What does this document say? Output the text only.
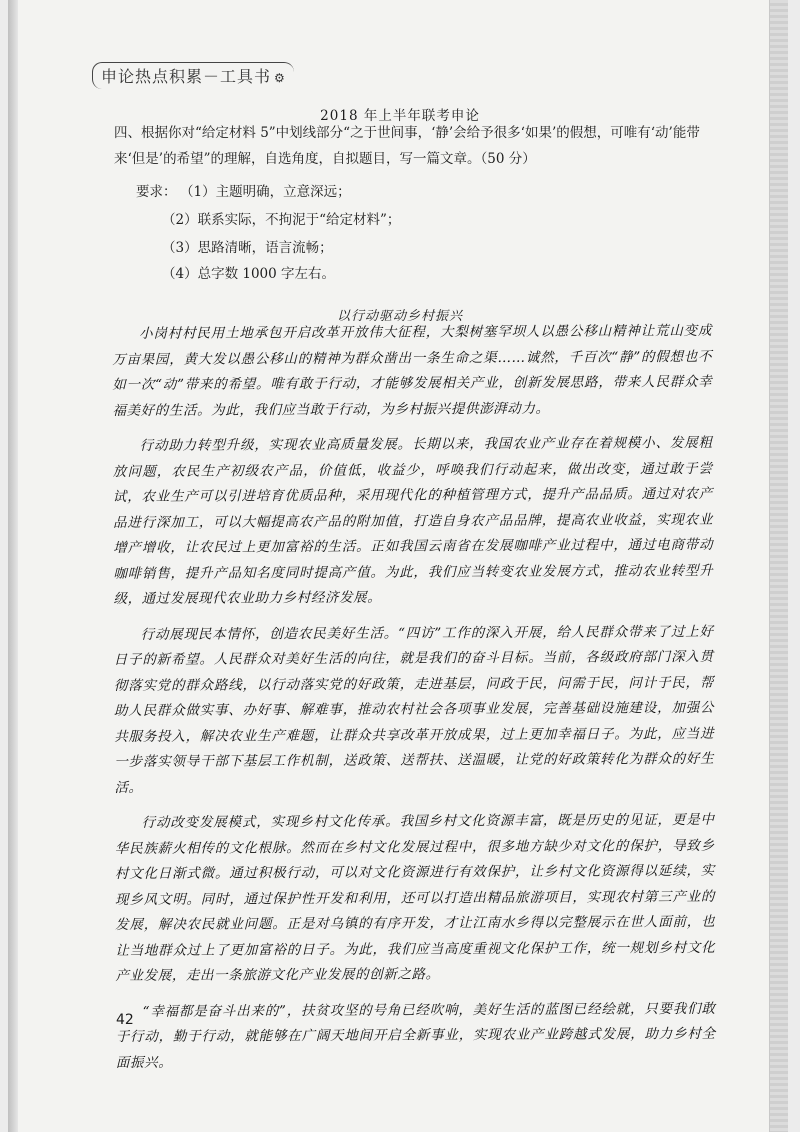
申论热点积累－工具书 ⚙
2018 年上半年联考申论
四、根据你对“给定材料 5”中划线部分“之于世间事，‘静’会给予很多‘如果’的假想，可唯有‘动’能带来‘但是’的希望”的理解，自选角度，自拟题目，写一篇文章。（50 分）
要求： （1）主题明确，立意深远；
（2）联系实际，不拘泥于“给定材料”；
（3）思路清晰，语言流畅；
（4）总字数 1000 字左右。
以行动驱动乡村振兴

小岗村村民用土地承包开启改革开放伟大征程，大梨树塞罕坝人以愚公移山精神让荒山变成万亩果园，黄大发以愚公移山的精神为群众凿出一条生命之渠……诚然，千百次“静”的假想也不如一次“动”带来的希望。唯有敢于行动，才能够发展相关产业，创新发展思路，带来人民群众幸福美好的生活。为此，我们应当敢于行动，为乡村振兴提供澎湃动力。

行动助力转型升级，实现农业高质量发展。长期以来，我国农业产业存在着规模小、发展粗放问题，农民生产初级农产品，价值低，收益少，呼唤我们行动起来，做出改变，通过敢于尝试，农业生产可以引进培育优质品种，采用现代化的种植管理方式，提升产品品质。通过对农产品进行深加工，可以大幅提高农产品的附加值，打造自身农产品品牌，提高农业收益，实现农业增产增收，让农民过上更加富裕的生活。正如我国云南省在发展咖啡产业过程中，通过电商带动咖啡销售，提升产品知名度同时提高产值。为此，我们应当转变农业发展方式，推动农业转型升级，通过发展现代农业助力乡村经济发展。

行动展现民本情怀，创造农民美好生活。“四访”工作的深入开展，给人民群众带来了过上好日子的新希望。人民群众对美好生活的向往，就是我们的奋斗目标。当前，各级政府部门深入贯彻落实党的群众路线，以行动落实党的好政策，走进基层，问政于民，问需于民，问计于民，帮助人民群众做实事、办好事、解难事，推动农村社会各项事业发展，完善基础设施建设，加强公共服务投入，解决农业生产难题，让群众共享改革开放成果，过上更加幸福日子。为此，应当进一步落实领导干部下基层工作机制，送政策、送帮扶、送温暖，让党的好政策转化为群众的好生活。

行动改变发展模式，实现乡村文化传承。我国乡村文化资源丰富，既是历史的见证，更是中华民族薪火相传的文化根脉。然而在乡村文化发展过程中，很多地方缺少对文化的保护，导致乡村文化日渐式微。通过积极行动，可以对文化资源进行有效保护，让乡村文化资源得以延续，实现乡风文明。同时，通过保护性开发和利用，还可以打造出精品旅游项目，实现农村第三产业的发展，解决农民就业问题。正是对乌镇的有序开发，才让江南水乡得以完整展示在世人面前，也让当地群众过上了更加富裕的日子。为此，我们应当高度重视文化保护工作，统一规划乡村文化产业发展，走出一条旅游文化产业发展的创新之路。

“幸福都是奋斗出来的”，扶贫攻坚的号角已经吹响，美好生活的蓝图已经绘就，只要我们敢于行动，勤于行动，就能够在广阔天地间开启全新事业，实现农业产业跨越式发展，助力乡村全面振兴。

42
